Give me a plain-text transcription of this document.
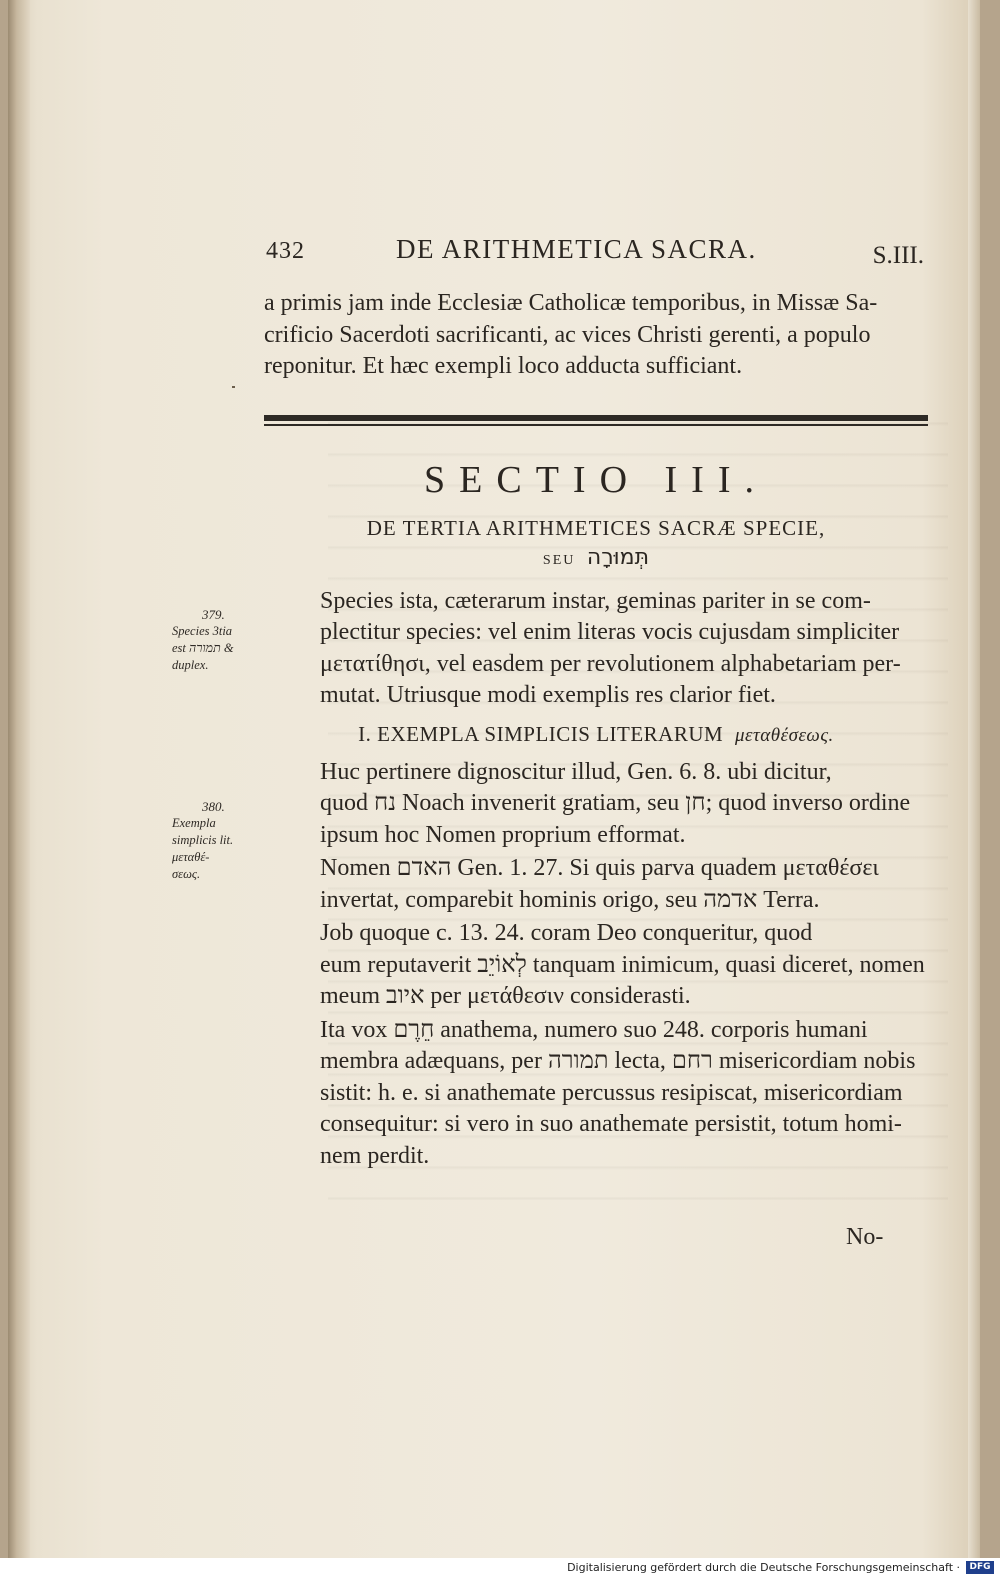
432	DE ARITHMETICA SACRA.	S.III.

a primis jam inde Ecclesiæ Catholicæ temporibus, in Missæ Sa-
crificio Sacerdoti sacrificanti, ac vices Christi gerenti, a populo
reponitur. Et hæc exempli loco adducta sufficiant.

SECTIO III.
DE TERTIA ARITHMETICES SACRÆ SPECIE,
SEU תְּמוּרָה

Species ista, cæterarum instar, geminas pariter in se com-
plectitur species: vel enim literas vocis cujusdam simpliciter
μετατίθησι, vel easdem per revolutionem alphabetariam per-
mutat. Utriusque modi exemplis res clarior fiet.

I. EXEMPLA SIMPLICIS LITERARUM μεταθέσεως.

Huc pertinere dignoscitur illud, Gen. 6. 8. ubi dicitur,
quod נח Noach invenerit gratiam, seu חן; quod inverso ordine
ipsum hoc Nomen proprium efformat.

Nomen האדם Gen. 1. 27. Si quis parva quadem μεταθέσει
invertat, comparebit hominis origo, seu אדמה Terra.

Job quoque c. 13. 24. coram Deo conqueritur, quod
eum reputaverit לְאוֹיֵב tanquam inimicum, quasi diceret, nomen
meum איוב per μετάθεσιν considerasti.

Ita vox חֵרֶם anathema, numero suo 248. corporis humani
membra adæquans, per תמורה lecta, רחם misericordiam nobis
sistit: h. e. si anathemate percussus resipiscat, misericordiam
consequitur: si vero in suo anathemate persistit, totum homi-
nem perdit.

379.
Species 3tia
est תמורה &
duplex.
380.
Exempla
simplicis lit.
μεταθέ-
σεως.
No-
Digitalisierung gefördert durch die Deutsche Forschungsgemeinschaft ·	DFG
